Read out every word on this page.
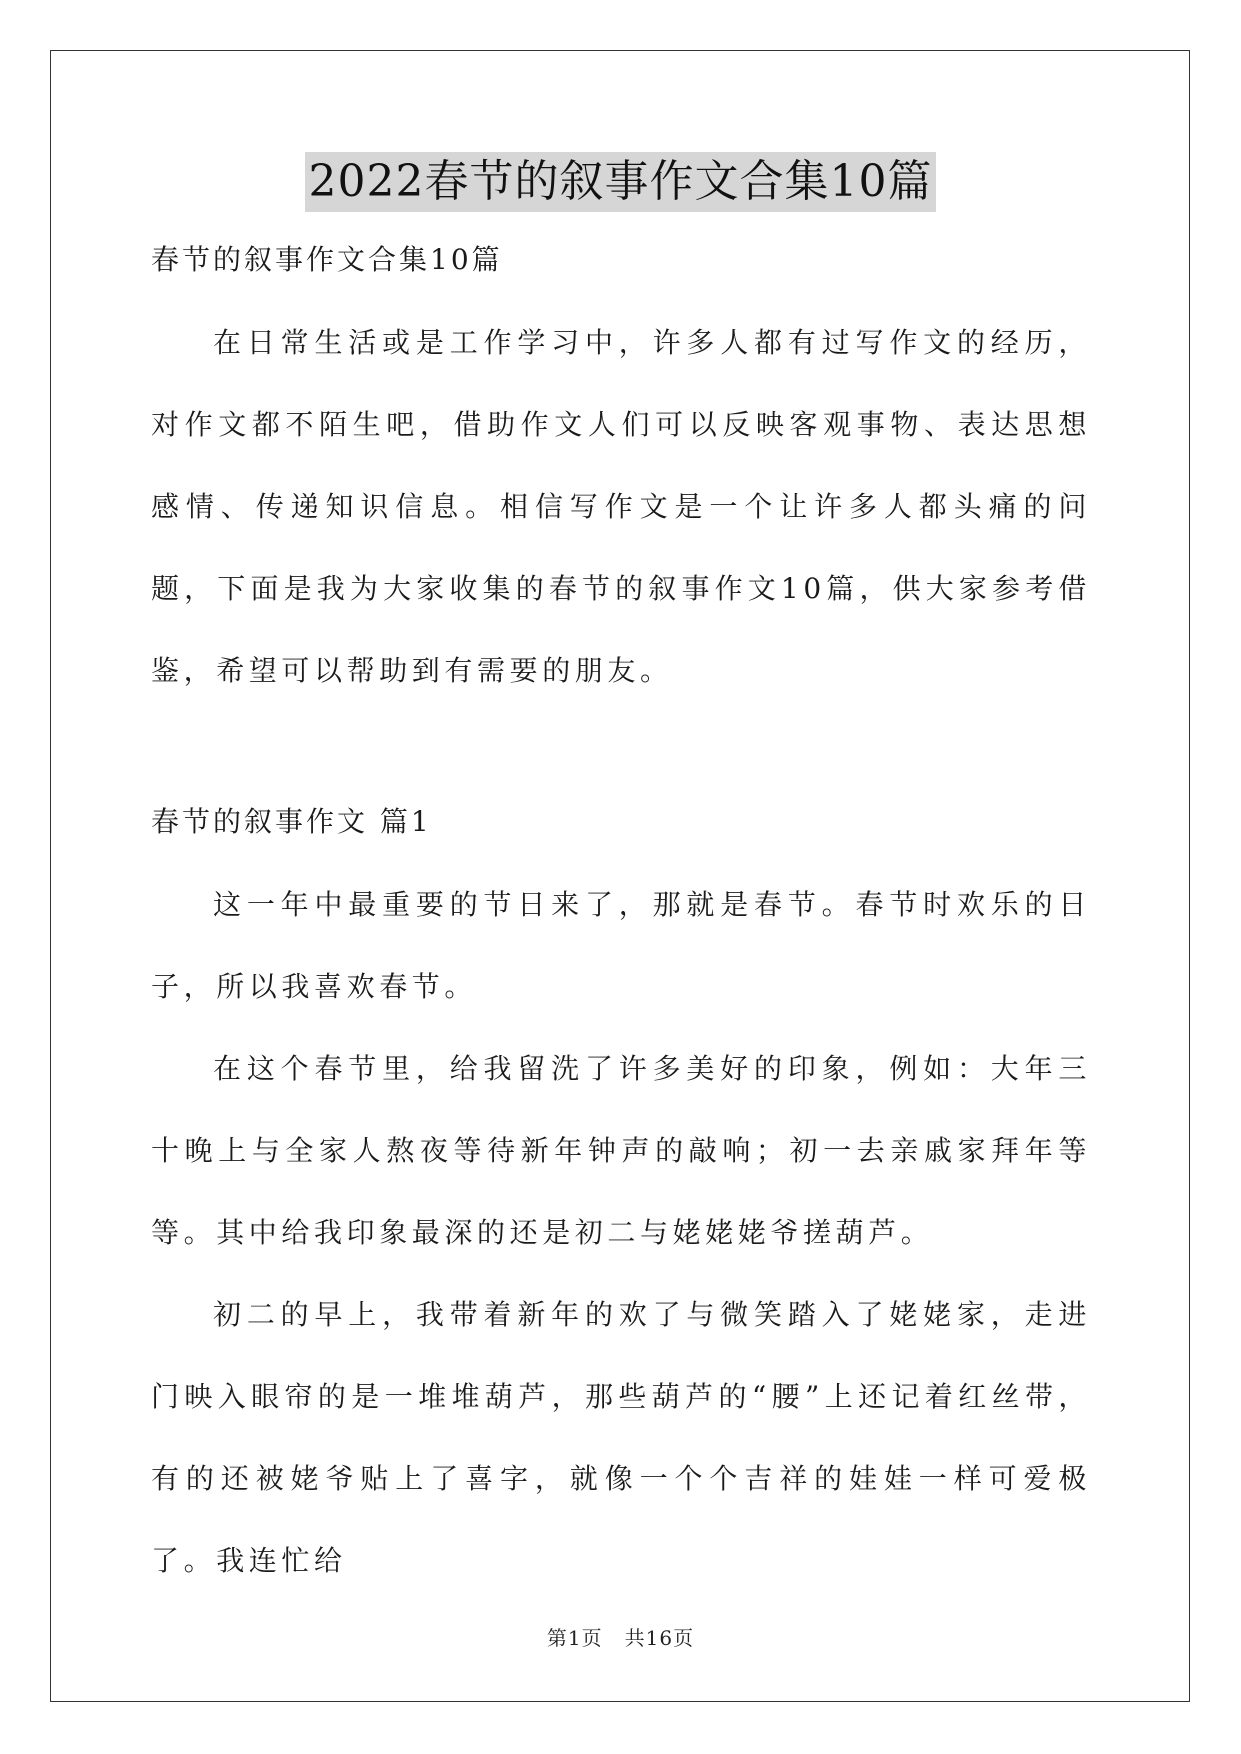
2022春节的叙事作文合集10篇

春节的叙事作文合集10篇

在日常生活或是工作学习中，许多人都有过写作文的经历，对作文都不陌生吧，借助作文人们可以反映客观事物、表达思想感情、传递知识信息。相信写作文是一个让许多人都头痛的问题，下面是我为大家收集的春节的叙事作文10篇，供大家参考借鉴，希望可以帮助到有需要的朋友。

春节的叙事作文 篇1

这一年中最重要的节日来了，那就是春节。春节时欢乐的日子，所以我喜欢春节。

在这个春节里，给我留洗了许多美好的印象，例如：大年三十晚上与全家人熬夜等待新年钟声的敲响；初一去亲戚家拜年等等。其中给我印象最深的还是初二与姥姥姥爷搓葫芦。

初二的早上，我带着新年的欢了与微笑踏入了姥姥家，走进门映入眼帘的是一堆堆葫芦，那些葫芦的“腰”上还记着红丝带，有的还被姥爷贴上了喜字，就像一个个吉祥的娃娃一样可爱极了。我连忙给

第1页 共16页
